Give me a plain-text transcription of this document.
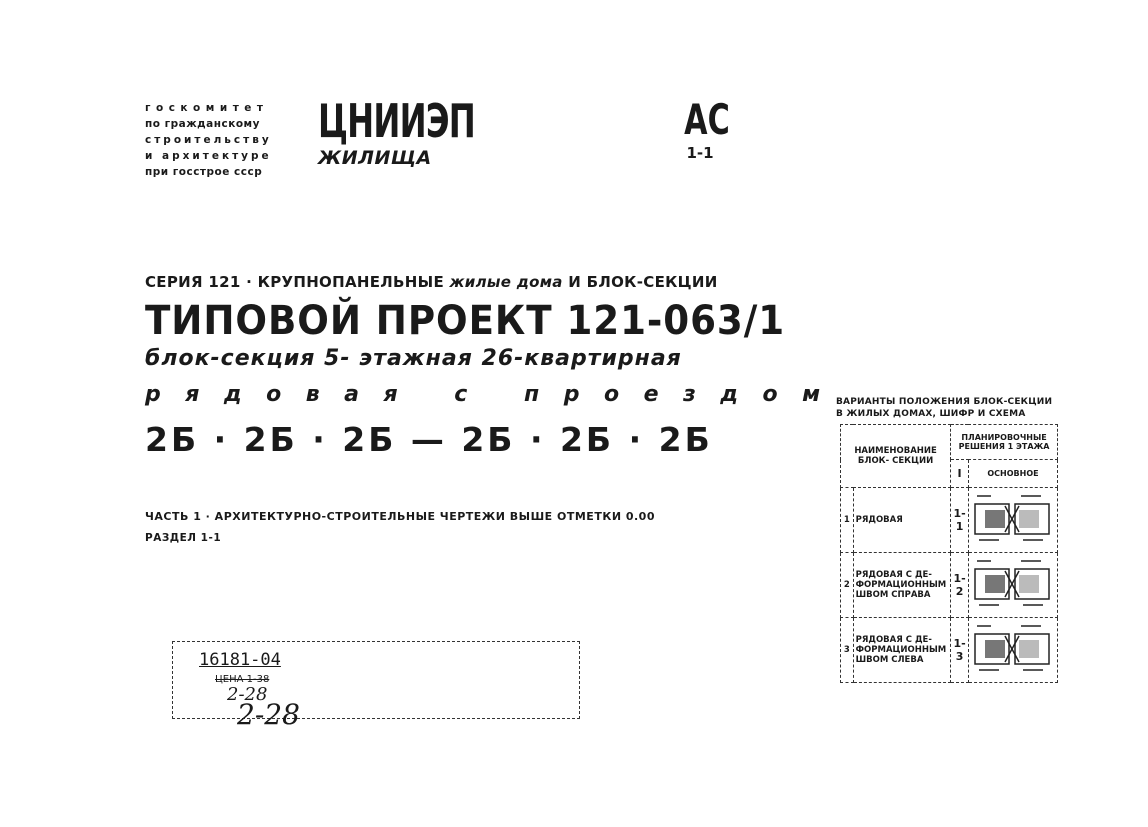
госкомитет
по гражданскому
строительству
и архитектуре
при госстрое ссср
ЦНИИЭП
ЖИЛИЩА
АС
1-1
СЕРИЯ 121 · КРУПНОПАНЕЛЬНЫЕ жилые дома И БЛОК-СЕКЦИИ
ТИПОВОЙ ПРОЕКТ 121-063/1
блок-секция 5- этажная 26-квартирная
рядовая с проездом
2Б · 2Б · 2Б — 2Б · 2Б · 2Б
ЧАСТЬ 1 · АРХИТЕКТУРНО-СТРОИТЕЛЬНЫЕ ЧЕРТЕЖИ ВЫШЕ ОТМЕТКИ 0.00
РАЗДЕЛ 1-1
16181-04
ЦЕНА 1-38
2-28
2-28
ВАРИАНТЫ ПОЛОЖЕНИЯ БЛОК-СЕКЦИИ В ЖИЛЫХ ДОМАХ, ШИФР И СХЕМА
НАИМЕНОВАНИЕ БЛОК- СЕКЦИИ		ПЛАНИРОВОЧНЫЕ РЕШЕНИЯ 1 ЭТАЖА	
		I	ОСНОВНОЕ
1	РЯДОВАЯ	1-1	

2	РЯДОВАЯ С ДЕ- ФОРМАЦИОННЫМ ШВОМ СПРАВА	1-2	

3	РЯДОВАЯ С ДЕ- ФОРМАЦИОННЫМ ШВОМ СЛЕВА	1-3	
